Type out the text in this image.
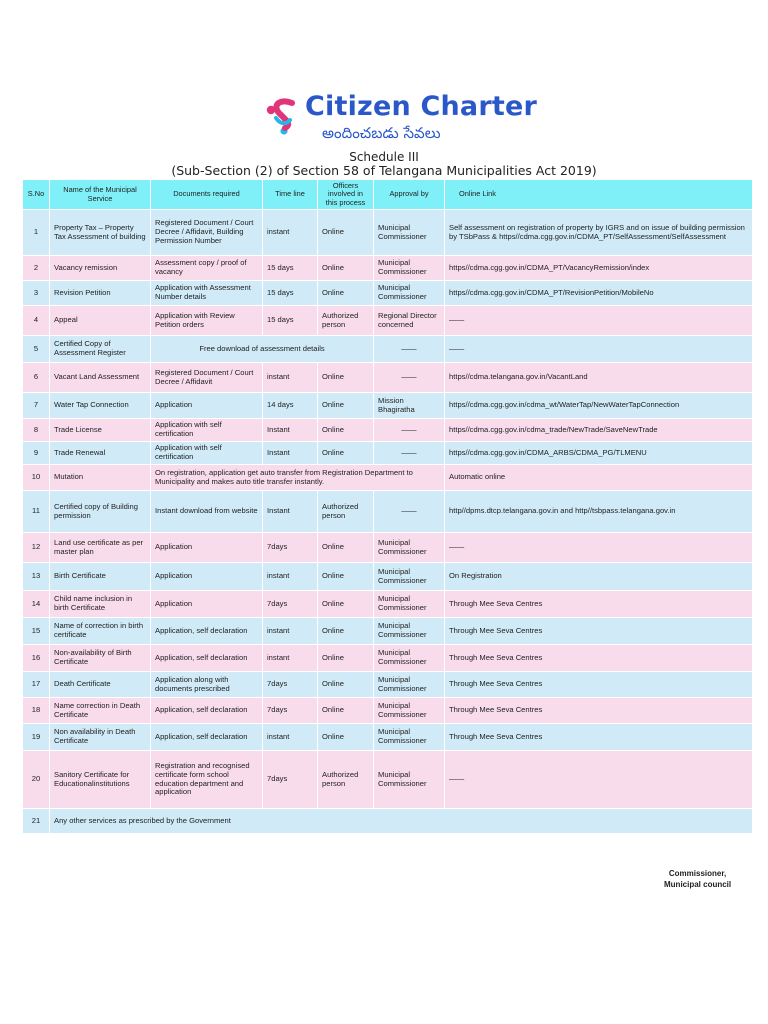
Citizen Charter
అందించబడు సేవలు
Schedule III
(Sub-Section (2) of Section 58 of Telangana Municipalities Act 2019)
S.No	Name of the Municipal Service	Documents required	Time line	Officers involved in this process	Approval by	Online Link
1	Property Tax – Property Tax Assessment of building	Registered Document / Court Decree / Affidavit, Building Permission Number	instant	Online	Municipal Commissioner	Self assessment on registration of property by IGRS and on issue of building permission by TSbPass & https//cdma.cgg.gov.in/CDMA_PT/SelfAssessment/SelfAssessment
2	Vacancy remission	Assessment copy / proof of vacancy	15 days	Online	Municipal Commissioner	https//cdma.cgg.gov.in/CDMA_PT/VacancyRemission/index
3	Revision Petition	Application with Assessment Number details	15 days	Online	Municipal Commissioner	https//cdma.cgg.gov.in/CDMA_PT/RevisionPetition/MobileNo
4	Appeal	Application with Review Petition orders	15 days	Authorized person	Regional Director concerned	——
5	Certified Copy of Assessment Register	Free download of assessment details			——	——
6	Vacant Land Assessment	Registered Document / Court Decree / Affidavit	instant	Online	——	https//cdma.telangana.gov.in/VacantLand
7	Water Tap Connection	Application	14 days	Online	Mission Bhagiratha	https//cdma.cgg.gov.in/cdma_wt/WaterTap/NewWaterTapConnection
8	Trade License	Application with self certification	Instant	Online	——	https//cdma.cgg.gov.in/cdma_trade/NewTrade/SaveNewTrade
9	Trade Renewal	Application with self certification	Instant	Online	——	https//cdma.cgg.gov.in/CDMA_ARBS/CDMA_PG/TLMENU
10	Mutation	On registration, application get auto transfer from Registration Department to Municipality and makes auto title transfer instantly.				Automatic online
11	Certified copy of Building permission	Instant download from website	Instant	Authorized person	——	http//dpms.dtcp.telangana.gov.in and http//tsbpass.telangana.gov.in
12	Land use certificate as per master plan	Application	7days	Online	Municipal Commissioner	——
13	Birth Certificate	Application	instant	Online	Municipal Commissioner	On Registration
14	Child name inclusion in birth Certificate	Application	7days	Online	Municipal Commissioner	Through Mee Seva Centres
15	Name of correction in birth certificate	Application, self declaration	instant	Online	Municipal Commissioner	Through Mee Seva Centres
16	Non-availability of Birth Certificate	Application, self declaration	instant	Online	Municipal Commissioner	Through Mee Seva Centres
17	Death Certificate	Application along with documents prescribed	7days	Online	Municipal Commissioner	Through Mee Seva Centres
18	Name correction in Death Certificate	Application, self declaration	7days	Online	Municipal Commissioner	Through Mee Seva Centres
19	Non availability in Death Certificate	Application, self declaration	instant	Online	Municipal Commissioner	Through Mee Seva Centres
20	Sanitory Certificate for Educationalinstitutions	Registration and recognised certificate form school education department and application	7days	Authorized person	Municipal Commissioner	——
21	Any other services as prescribed by the Government					
Commissioner,
Municipal council
